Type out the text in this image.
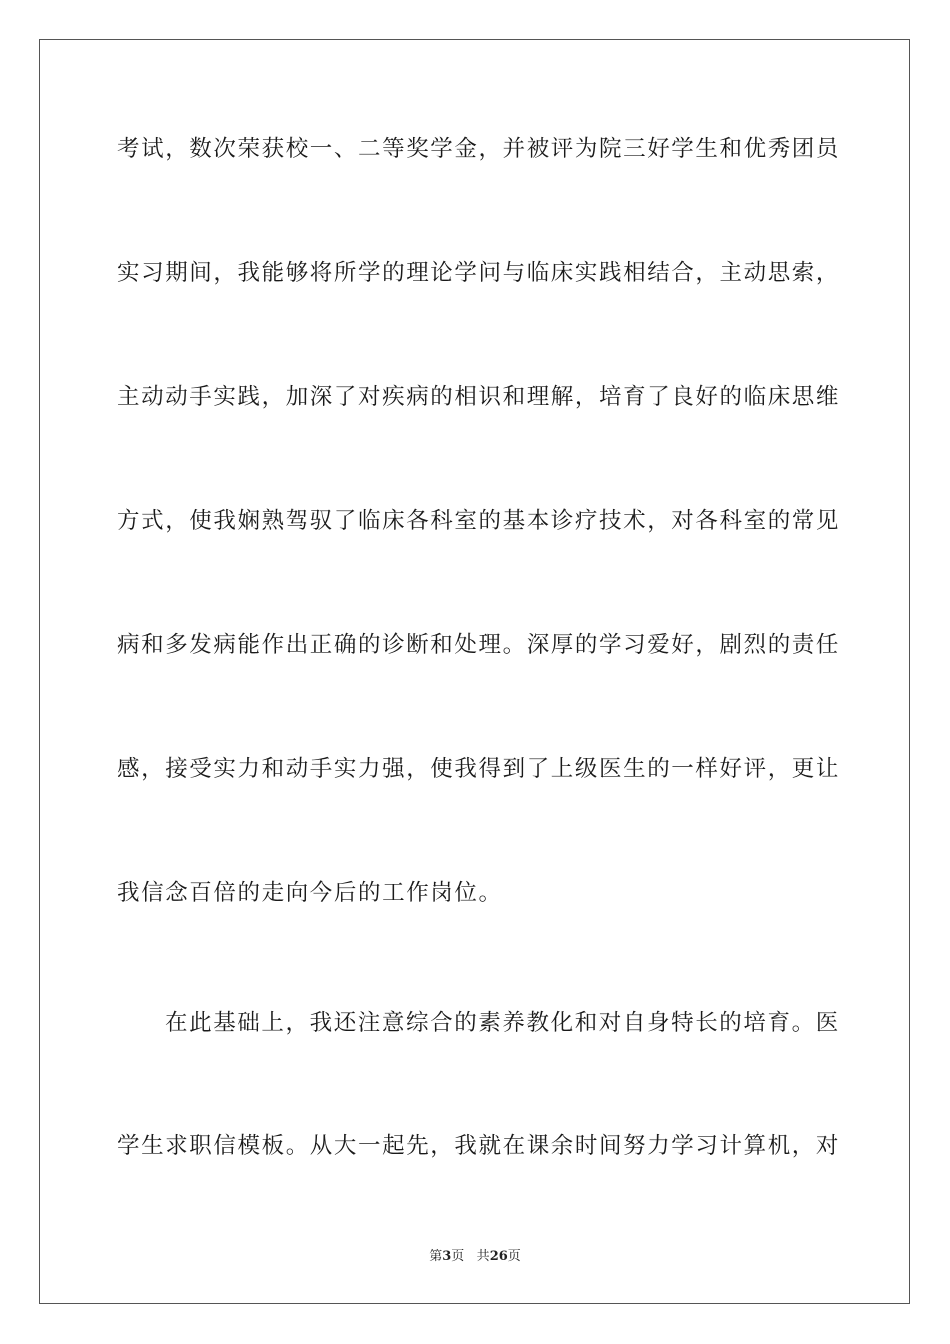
考试，数次荣获校一、二等奖学金，并被评为院三好学生和优秀团员
实习期间，我能够将所学的理论学问与临床实践相结合，主动思索，
主动动手实践，加深了对疾病的相识和理解，培育了良好的临床思维
方式，使我娴熟驾驭了临床各科室的基本诊疗技术，对各科室的常见
病和多发病能作出正确的诊断和处理。深厚的学习爱好，剧烈的责任
感，接受实力和动手实力强，使我得到了上级医生的一样好评，更让
我信念百倍的走向今后的工作岗位。
在此基础上，我还注意综合的素养教化和对自身特长的培育。医
学生求职信模板。从大一起先，我就在课余时间努力学习计算机，对
第3页 共26页
